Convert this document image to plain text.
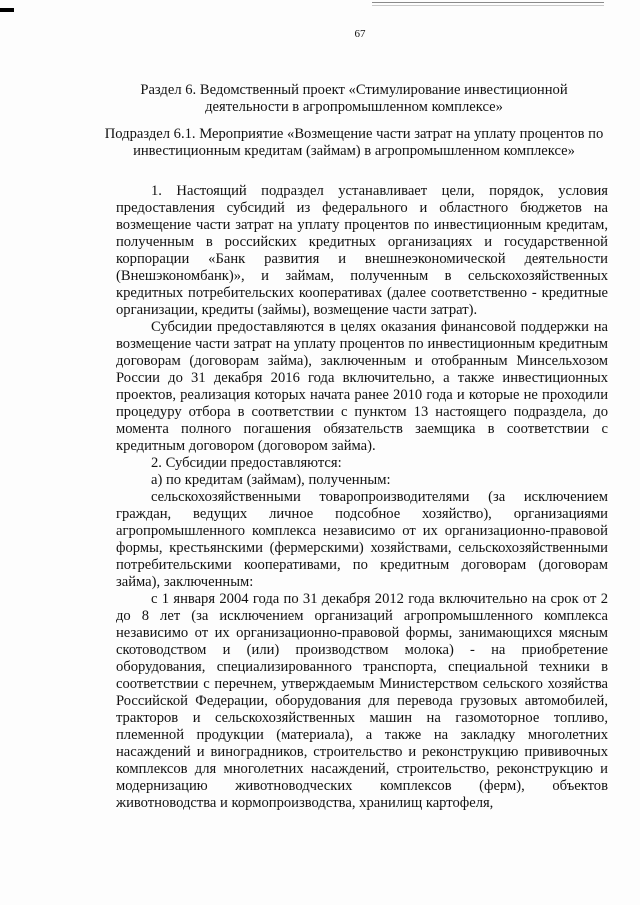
67
Раздел 6. Ведомственный проект «Стимулирование инвестиционной деятельности в агропромышленном комплексе»
Подраздел 6.1. Мероприятие «Возмещение части затрат на уплату процентов по инвестиционным кредитам (займам) в агропромышленном комплексе»

1. Настоящий подраздел устанавливает цели, порядок, условия предоставления субсидий из федерального и областного бюджетов на возмещение части затрат на уплату процентов по инвестиционным кредитам, полученным в российских кредитных организациях и государственной корпорации «Банк развития и внешнеэкономической деятельности (Внешэкономбанк)», и займам, полученным в сельскохозяйственных кредитных потребительских кооперативах (далее соответственно - кредитные организации, кредиты (займы), возмещение части затрат).

Субсидии предоставляются в целях оказания финансовой поддержки на возмещение части затрат на уплату процентов по инвестиционным кредитным договорам (договорам займа), заключенным и отобранным Минсельхозом России до 31 декабря 2016 года включительно, а также инвестиционных проектов, реализация которых начата ранее 2010 года и которые не проходили процедуру отбора в соответствии с пунктом 13 настоящего подраздела, до момента полного погашения обязательств заемщика в соответствии с кредитным договором (договором займа).

2. Субсидии предоставляются:

а) по кредитам (займам), полученным:

сельскохозяйственными товаропроизводителями (за исключением граждан, ведущих личное подсобное хозяйство), организациями агропромышленного комплекса независимо от их организационно-правовой формы, крестьянскими (фермерскими) хозяйствами, сельскохозяйственными потребительскими кооперативами, по кредитным договорам (договорам займа), заключенным:

с 1 января 2004 года по 31 декабря 2012 года включительно на срок от 2 до 8 лет (за исключением организаций агропромышленного комплекса независимо от их организационно-правовой формы, занимающихся мясным скотоводством и (или) производством молока) - на приобретение оборудования, специализированного транспорта, специальной техники в соответствии с перечнем, утверждаемым Министерством сельского хозяйства Российской Федерации, оборудования для перевода грузовых автомобилей, тракторов и сельскохозяйственных машин на газомоторное топливо, племенной продукции (материала), а также на закладку многолетних насаждений и виноградников, строительство и реконструкцию прививочных комплексов для многолетних насаждений, строительство, реконструкцию и модернизацию животноводческих комплексов (ферм), объектов животноводства и кормопроизводства, хранилищ картофеля,
